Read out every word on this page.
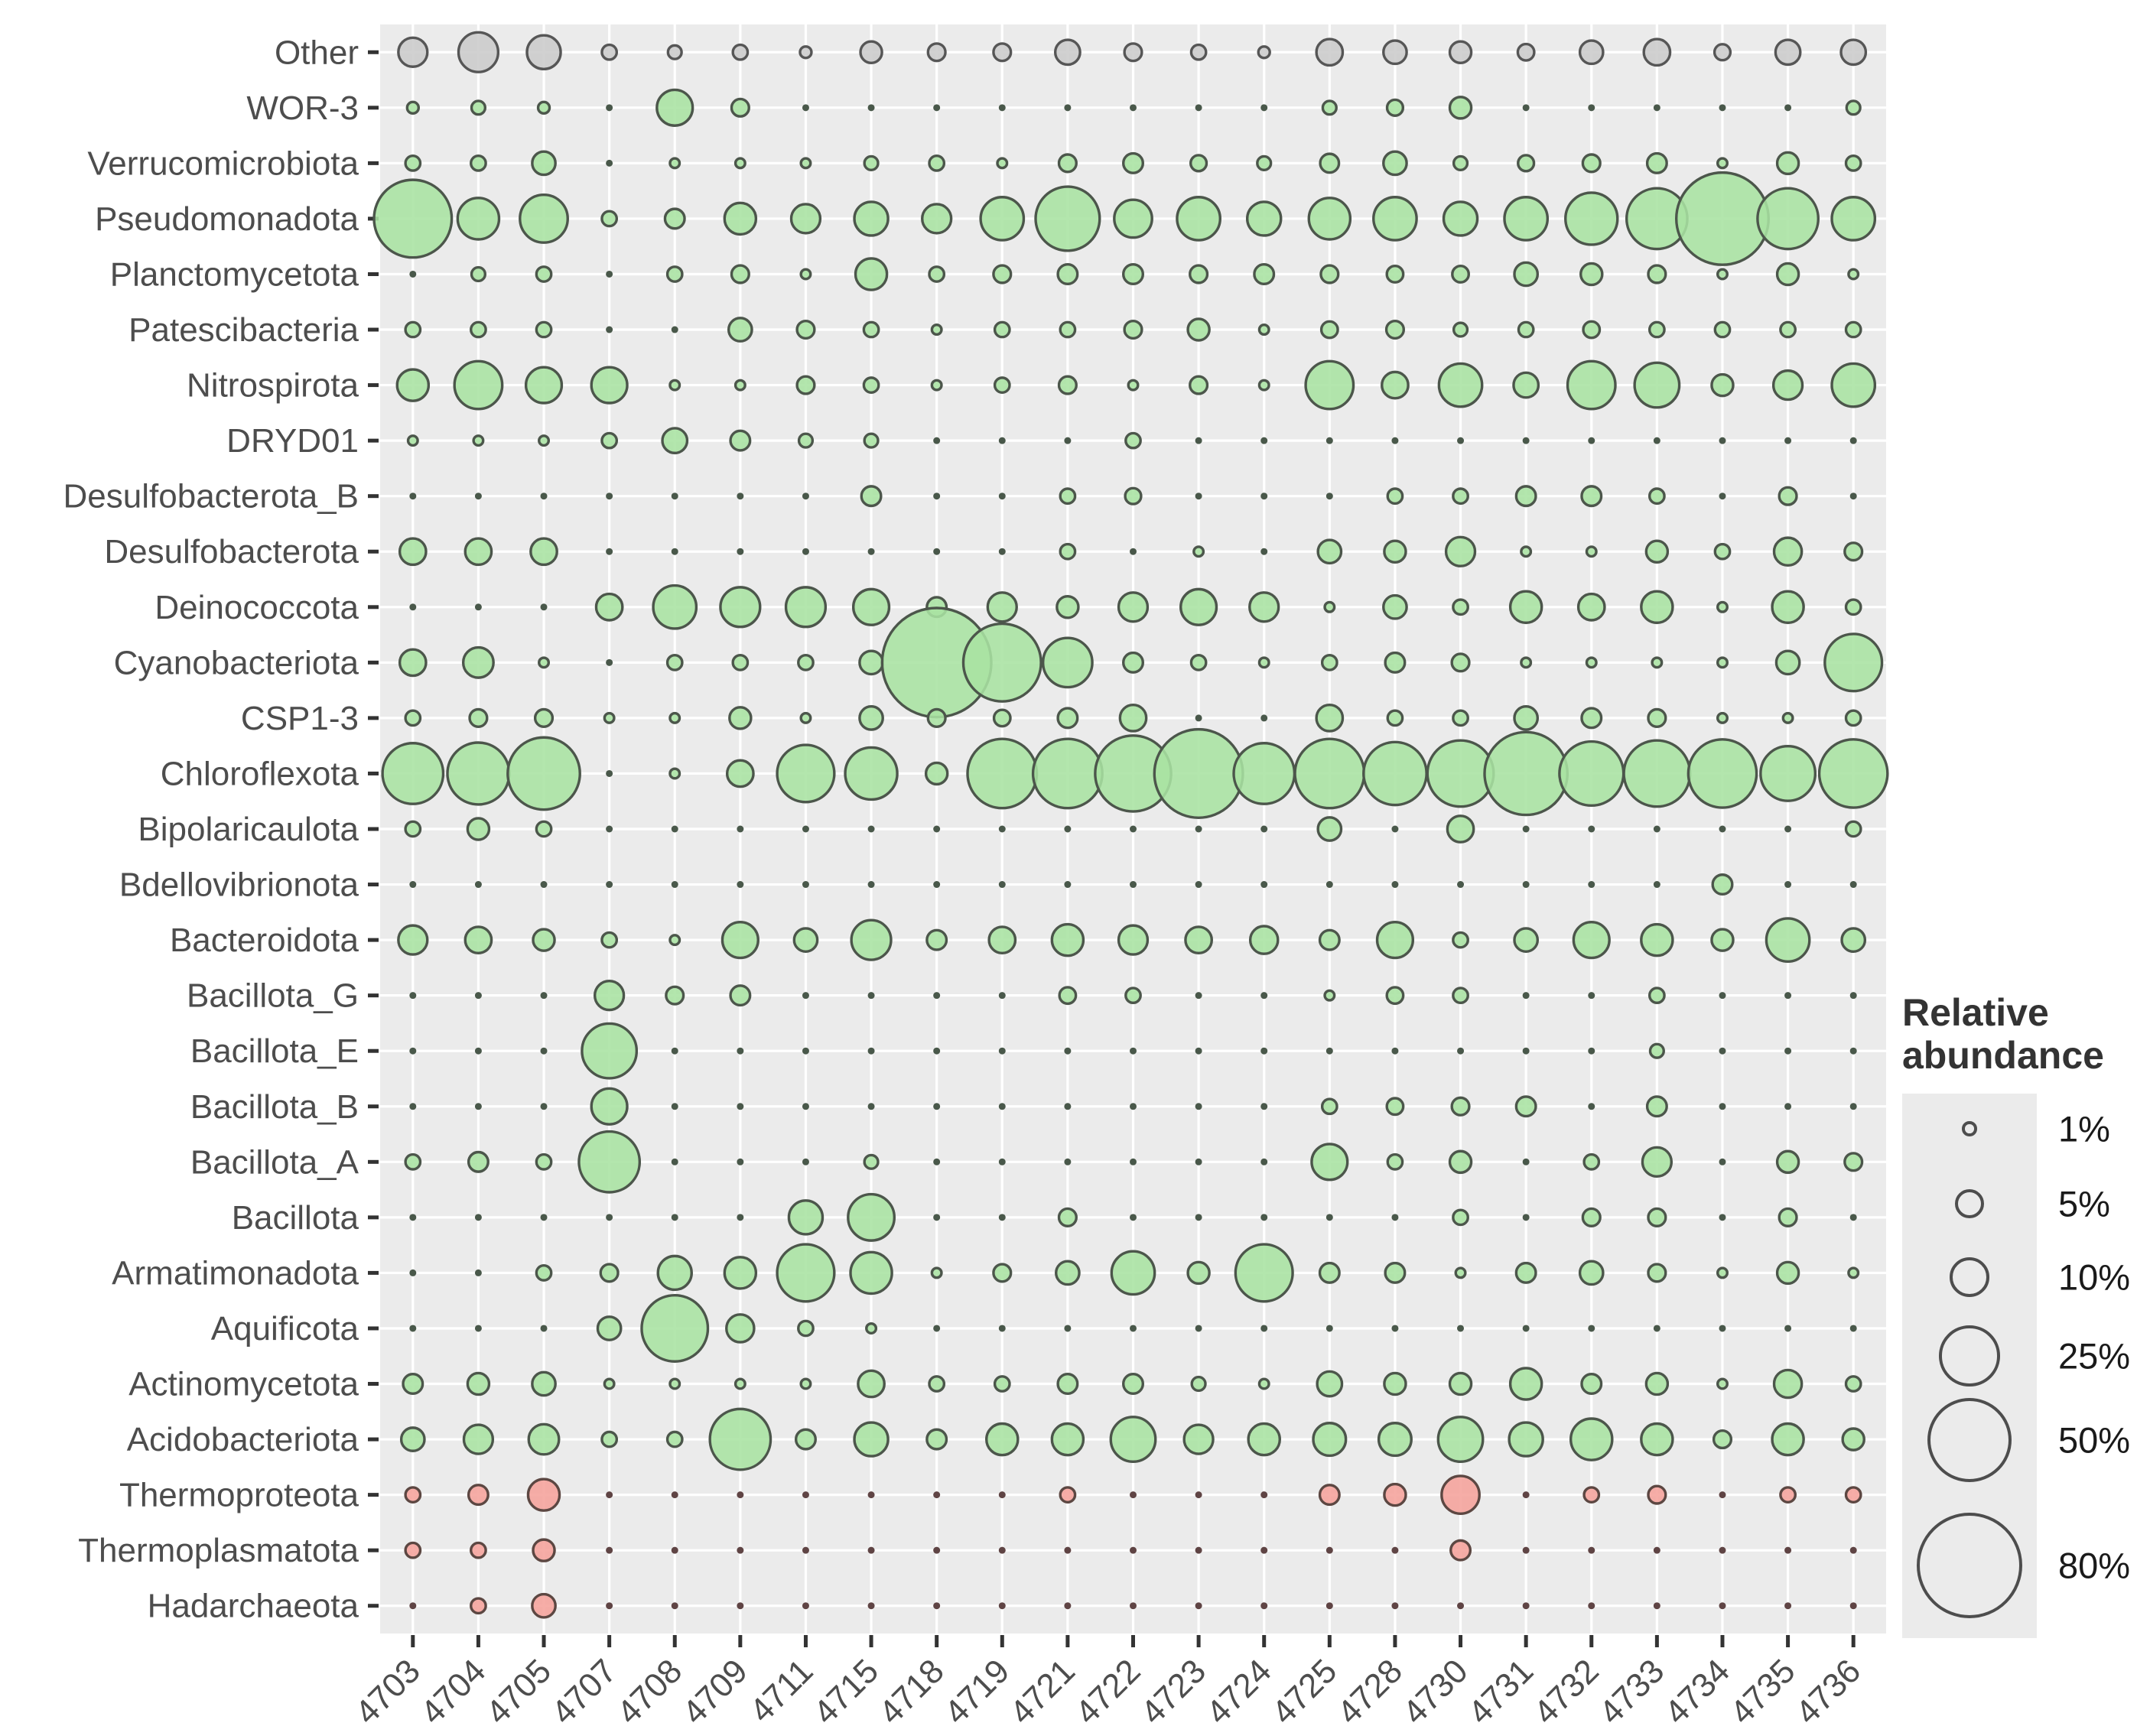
Other
WOR-3
Verrucomicrobiota
Pseudomonadota
Planctomycetota
Patescibacteria
Nitrospirota
DRYD01
Desulfobacterota_B
Desulfobacterota
Deinococcota
Cyanobacteriota
CSP1-3
Chloroflexota
Bipolaricaulota
Bdellovibrionota
Bacteroidota
Bacillota_G
Bacillota_E
Bacillota_B
Bacillota_A
Bacillota
Armatimonadota
Aquificota
Actinomycetota
Acidobacteriota
Thermoproteota
Thermoplasmatota
Hadarchaeota
4703
4704
4705
4707
4708
4709
4711
4715
4718
4719
4721
4722
4723
4724
4725
4728
4730
4731
4732
4733
4734
4735
4736
Relative abundance
1%
5%
10%
25%
50%
80%
